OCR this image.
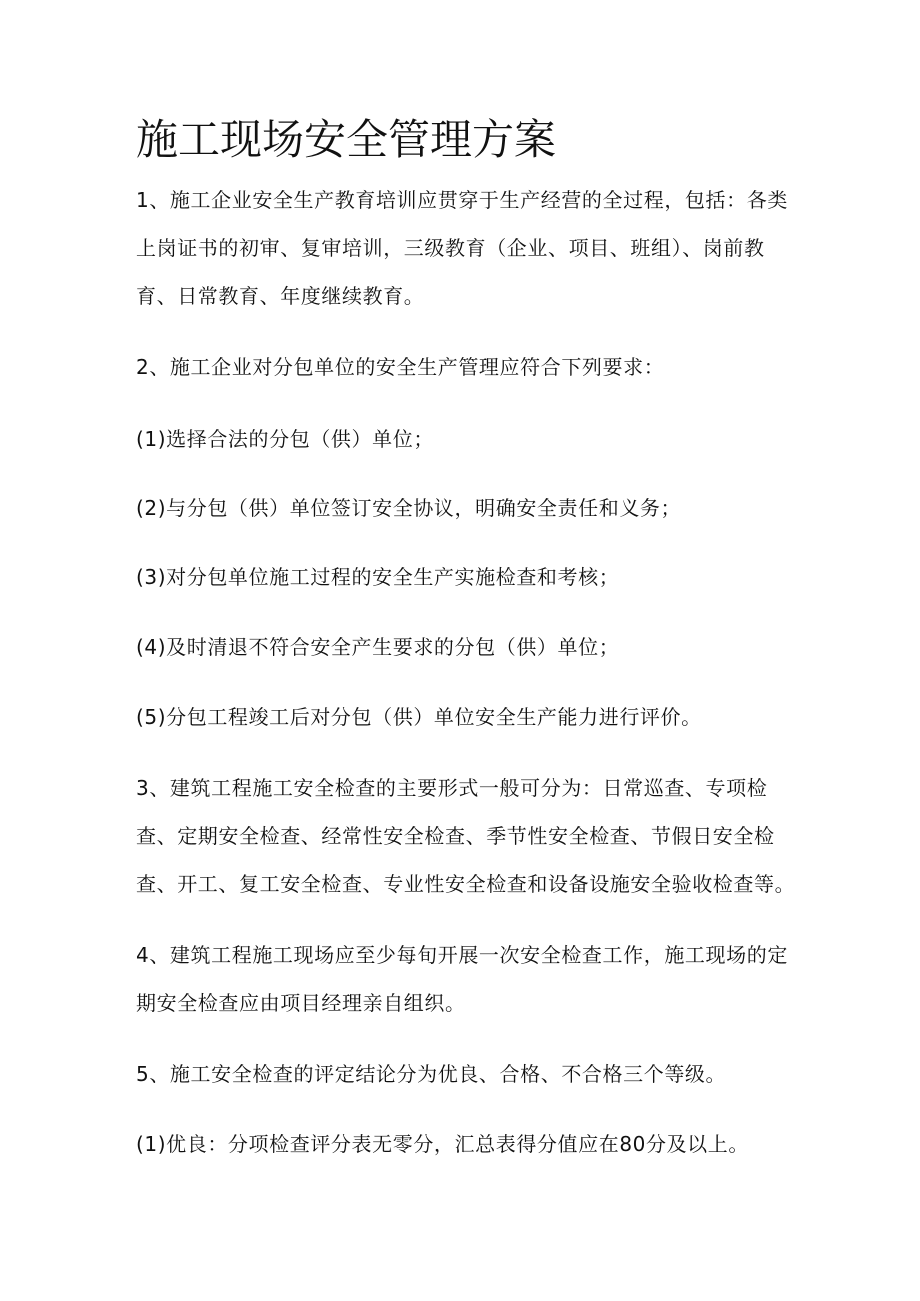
施工现场安全管理方案

1、施工企业安全生产教育培训应贯穿于生产经营的全过程，包括：各类上岗证书的初审、复审培训，三级教育（企业、项目、班组）、岗前教育、日常教育、年度继续教育。

2、施工企业对分包单位的安全生产管理应符合下列要求：

(1)选择合法的分包（供）单位；

(2)与分包（供）单位签订安全协议，明确安全责任和义务；

(3)对分包单位施工过程的安全生产实施检查和考核；

(4)及时清退不符合安全产生要求的分包（供）单位；

(5)分包工程竣工后对分包（供）单位安全生产能力进行评价。

3、建筑工程施工安全检查的主要形式一般可分为：日常巡查、专项检查、定期安全检查、经常性安全检查、季节性安全检查、节假日安全检查、开工、复工安全检查、专业性安全检查和设备设施安全验收检查等。

4、建筑工程施工现场应至少每旬开展一次安全检查工作，施工现场的定期安全检查应由项目经理亲自组织。

5、施工安全检查的评定结论分为优良、合格、不合格三个等级。

(1)优良：分项检查评分表无零分，汇总表得分值应在80分及以上。
